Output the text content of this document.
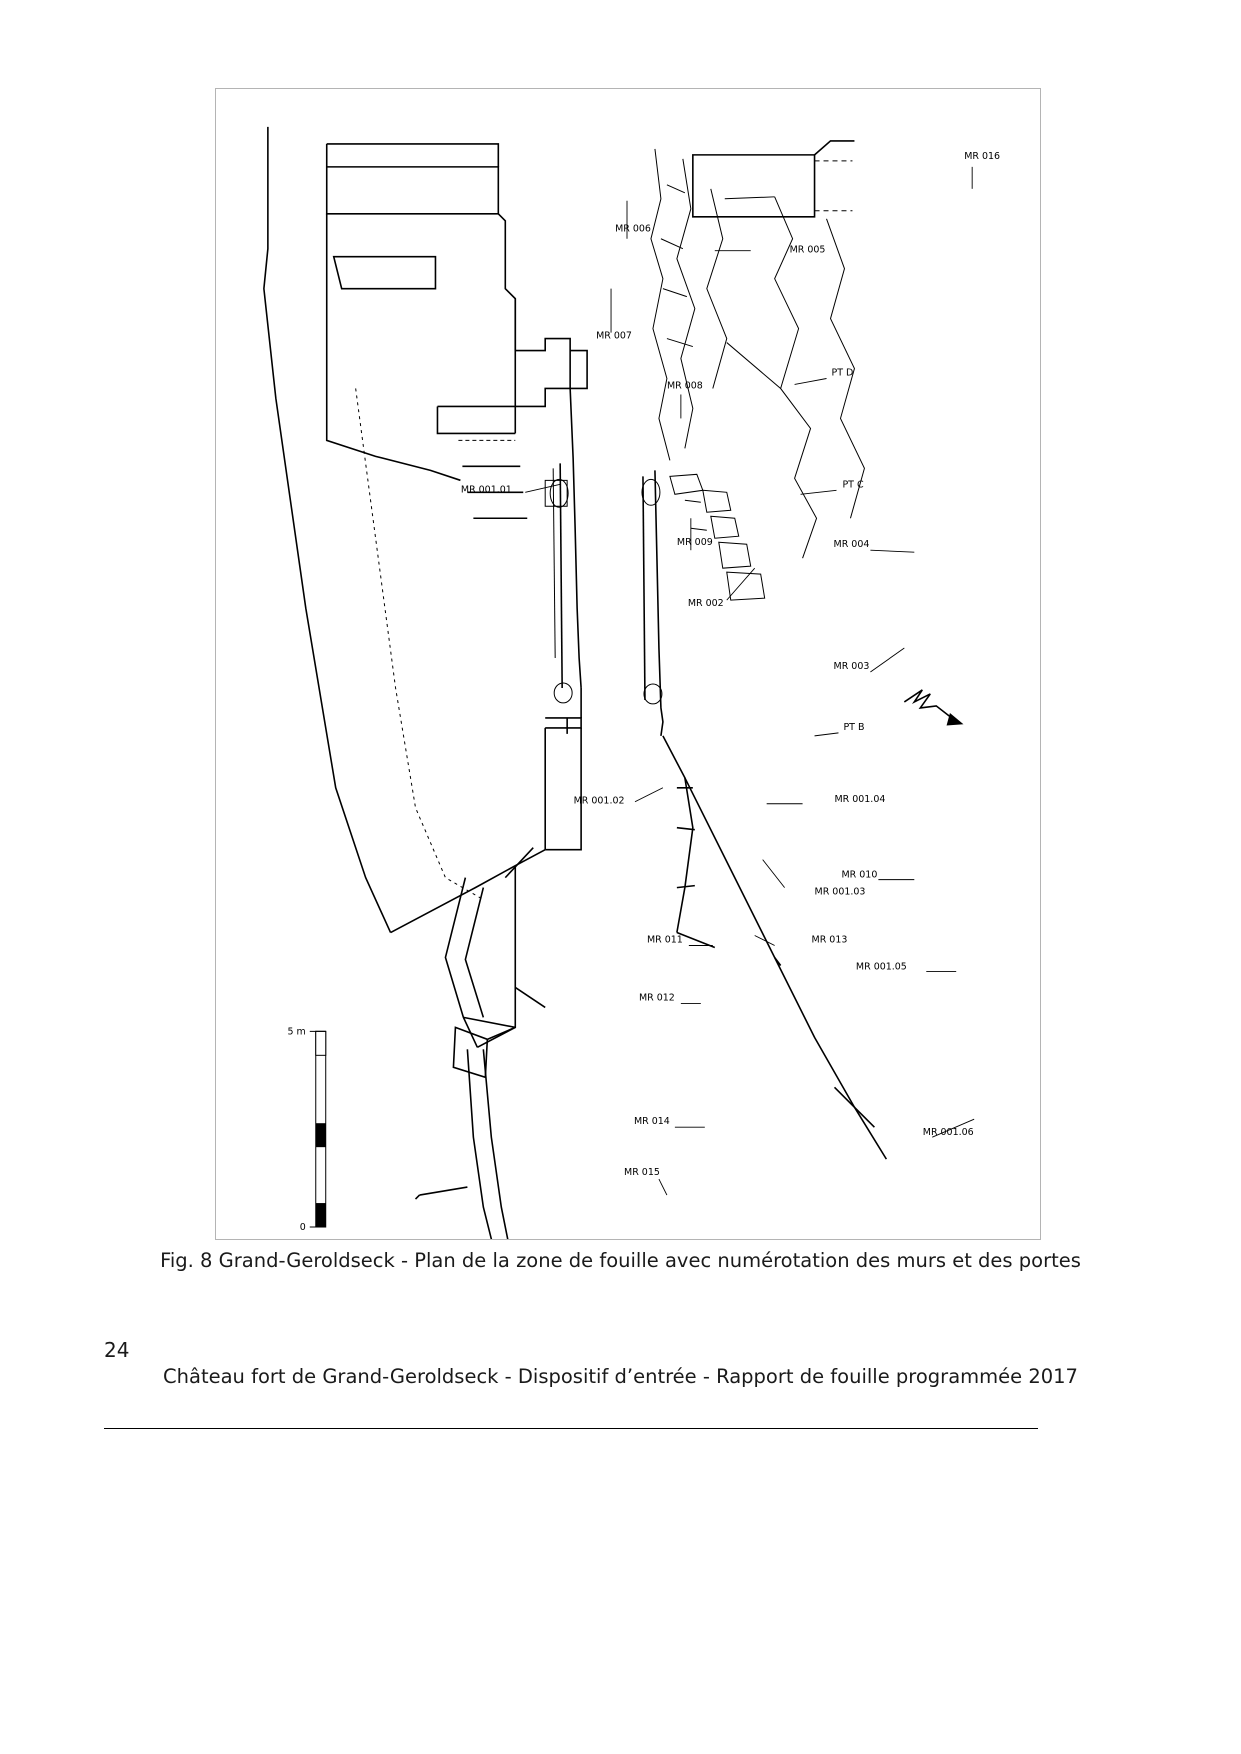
MR 016
MR 006
MR 005
MR 007
PT D
MR 008
MR 001.01	PT C
MR 009	MR 004
MR 002
MR 003
PT B
MR 001.02	MR 001.04
MR 010
MR 001.03
MR 011	MR 013
MR 001.05
MR 012
MR 014
MR 001.06
MR 015
5 m
0
Fig. 8 Grand-Geroldseck - Plan de la zone de fouille avec numérotation des murs et des portes
24
Château fort de Grand-Geroldseck - Dispositif d’entrée - Rapport de fouille programmée 2017
